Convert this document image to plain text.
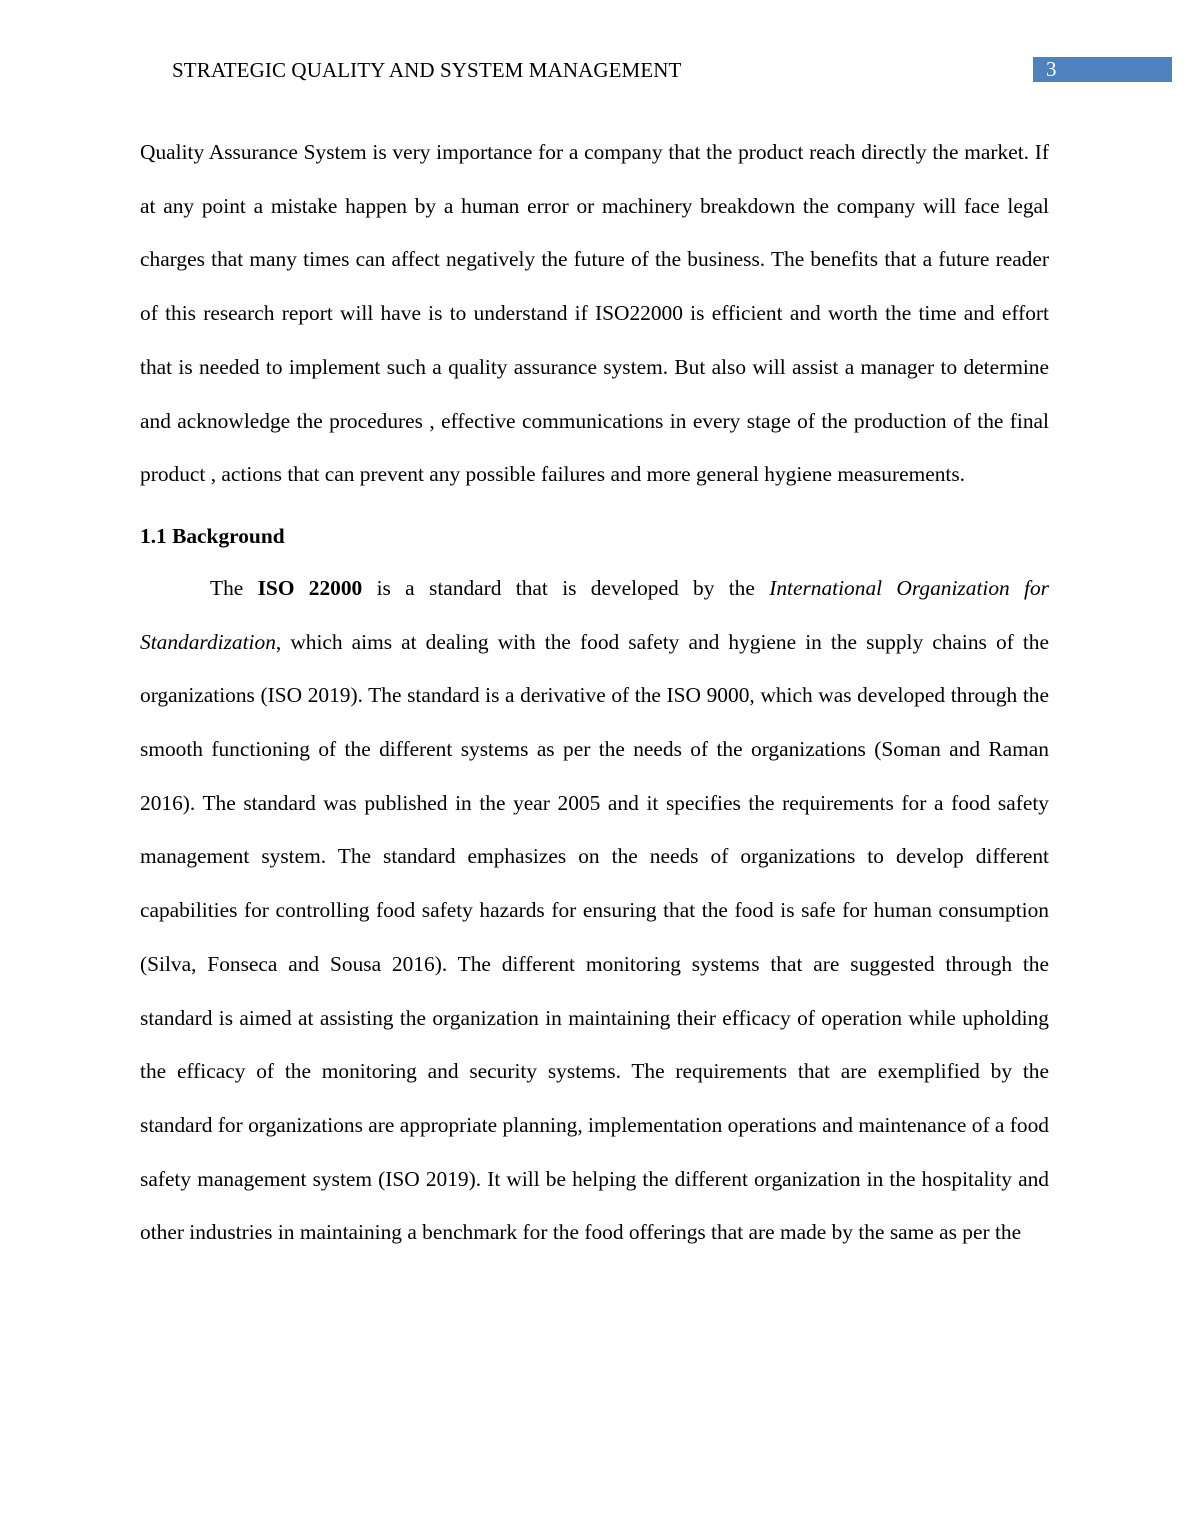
STRATEGIC QUALITY AND SYSTEM MANAGEMENT	3

Quality Assurance System is very importance for a company that the product reach directly the market. If at any point a mistake happen by a human error or machinery breakdown the company will face legal charges that many times can affect negatively the future of the business. The benefits that a future reader of this research report will have is to understand if ISO22000 is efficient and worth the time and effort that is needed to implement such a quality assurance system. But also will assist a manager to determine and acknowledge the procedures , effective communications in every stage of the production of the final product , actions that can prevent any possible failures and more general hygiene measurements.

1.1 Background

The ISO 22000 is a standard that is developed by the International Organization for Standardization, which aims at dealing with the food safety and hygiene in the supply chains of the organizations (ISO 2019). The standard is a derivative of the ISO 9000, which was developed through the smooth functioning of the different systems as per the needs of the organizations (Soman and Raman 2016). The standard was published in the year 2005 and it specifies the requirements for a food safety management system. The standard emphasizes on the needs of organizations to develop different capabilities for controlling food safety hazards for ensuring that the food is safe for human consumption (Silva, Fonseca and Sousa 2016). The different monitoring systems that are suggested through the standard is aimed at assisting the organization in maintaining their efficacy of operation while upholding the efficacy of the monitoring and security systems. The requirements that are exemplified by the standard for organizations are appropriate planning, implementation operations and maintenance of a food safety management system (ISO 2019). It will be helping the different organization in the hospitality and other industries in maintaining a benchmark for the food offerings that are made by the same as per the
